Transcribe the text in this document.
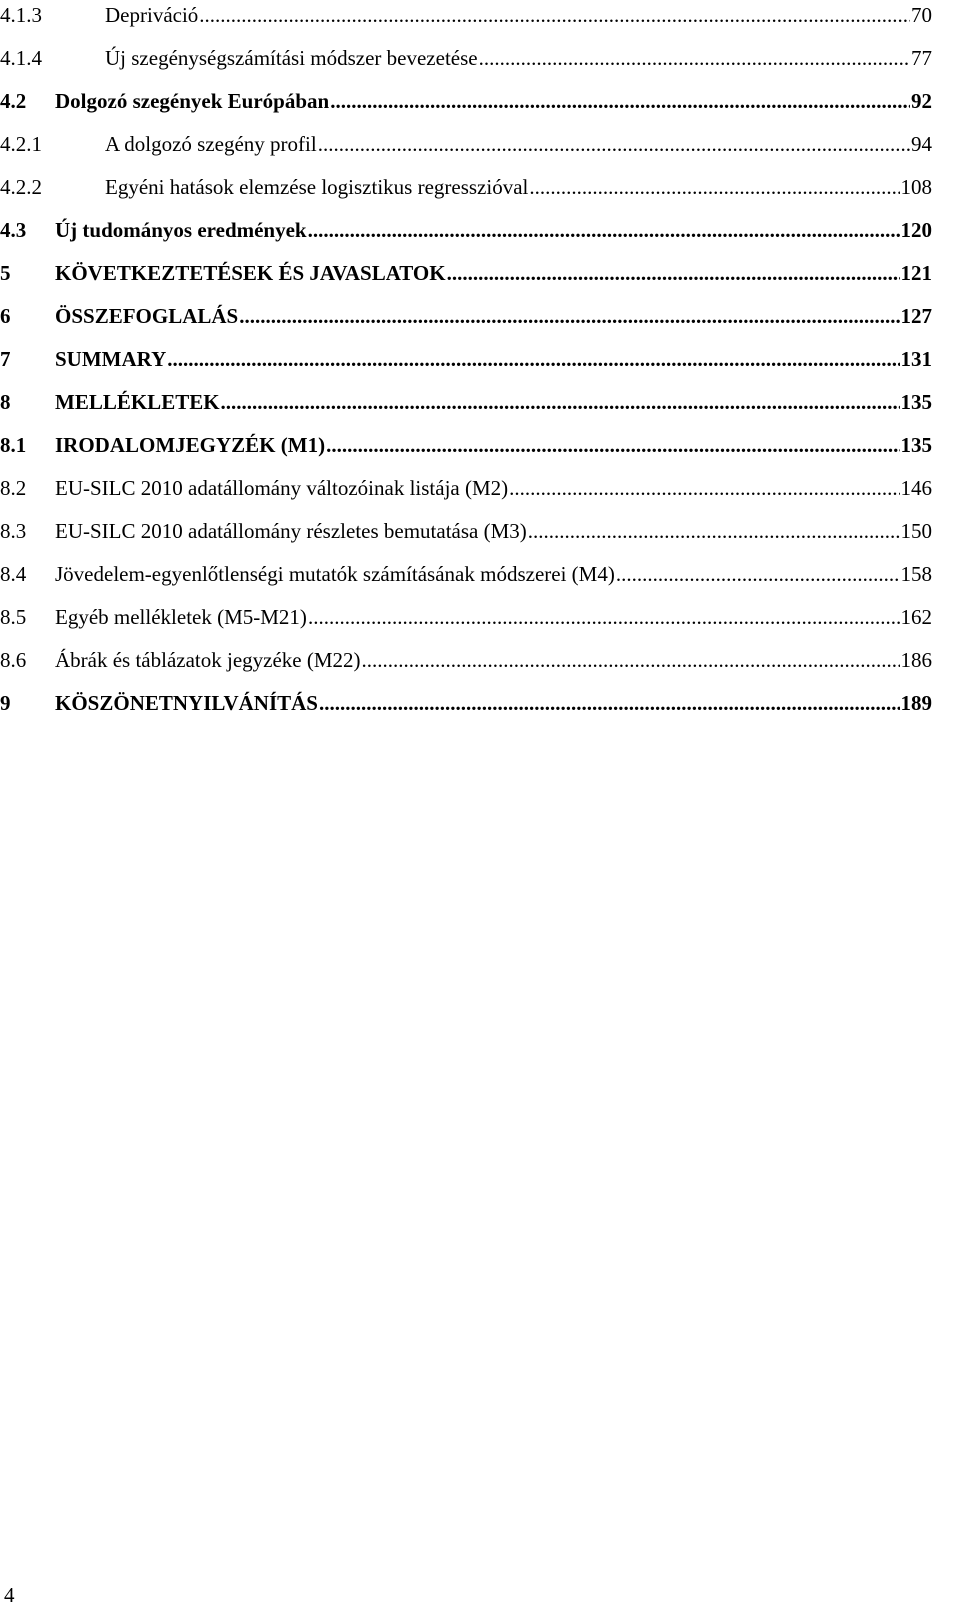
4.1.3	Depriváció .....	70
4.1.4	Új szegénységszámítási módszer bevezetése .....	77
4.2	Dolgozó szegények Európában .....	92
4.2.1	A dolgozó szegény profil .....	94
4.2.2	Egyéni hatások elemzése logisztikus regresszióval .....	108
4.3	Új tudományos eredmények .....	120
5	KÖVETKEZTETÉSEK ÉS JAVASLATOK .....	121
6	ÖSSZEFOGLALÁS .....	127
7	SUMMARY .....	131
8	MELLÉKLETEK .....	135
8.1	IRODALOMJEGYZÉK (M1) .....	135
8.2	EU-SILC 2010 adatállomány változóinak listája (M2) .....	146
8.3	EU-SILC 2010 adatállomány részletes bemutatása (M3) .....	150
8.4	Jövedelem-egyenlőtlenségi mutatók számításának módszerei (M4) .....	158
8.5	Egyéb mellékletek (M5-M21) .....	162
8.6	Ábrák és táblázatok jegyzéke (M22) .....	186
9	KÖSZÖNETNYILVÁNÍTÁS .....	189
4
